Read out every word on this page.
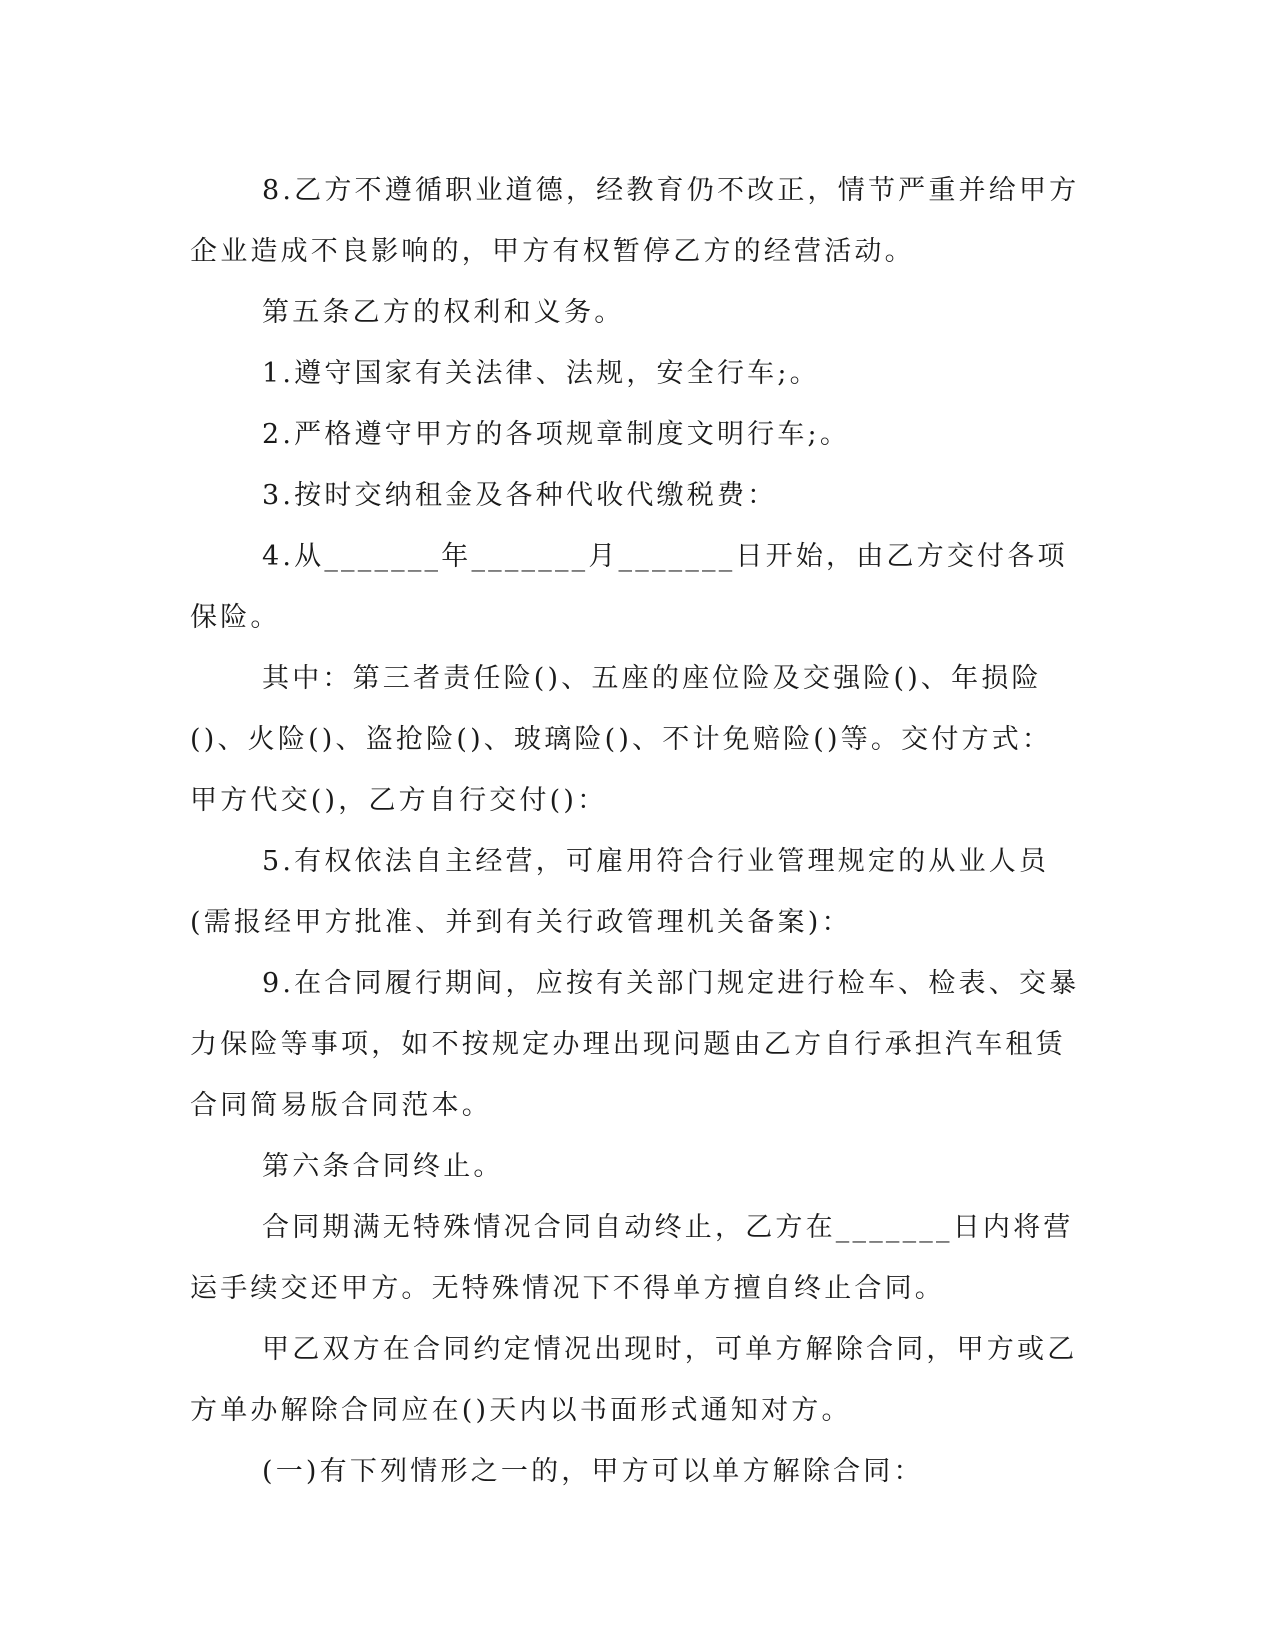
8.乙方不遵循职业道德，经教育仍不改正，情节严重并给甲方企业造成不良影响的，甲方有权暂停乙方的经营活动。

第五条乙方的权利和义务。

1.遵守国家有关法律、法规，安全行车;。

2.严格遵守甲方的各项规章制度文明行车;。

3.按时交纳租金及各种代收代缴税费：

4.从_______年_______月_______日开始，由乙方交付各项保险。

其中：第三者责任险()、五座的座位险及交强险()、年损险()、火险()、盗抢险()、玻璃险()、不计免赔险()等。交付方式：甲方代交()，乙方自行交付()：

5.有权依法自主经营，可雇用符合行业管理规定的从业人员(需报经甲方批准、并到有关行政管理机关备案)：

9.在合同履行期间，应按有关部门规定进行检车、检表、交暴力保险等事项，如不按规定办理出现问题由乙方自行承担汽车租赁合同简易版合同范本。

第六条合同终止。

合同期满无特殊情况合同自动终止，乙方在_______日内将营运手续交还甲方。无特殊情况下不得单方擅自终止合同。

甲乙双方在合同约定情况出现时，可单方解除合同，甲方或乙方单办解除合同应在()天内以书面形式通知对方。

(一)有下列情形之一的，甲方可以单方解除合同：
